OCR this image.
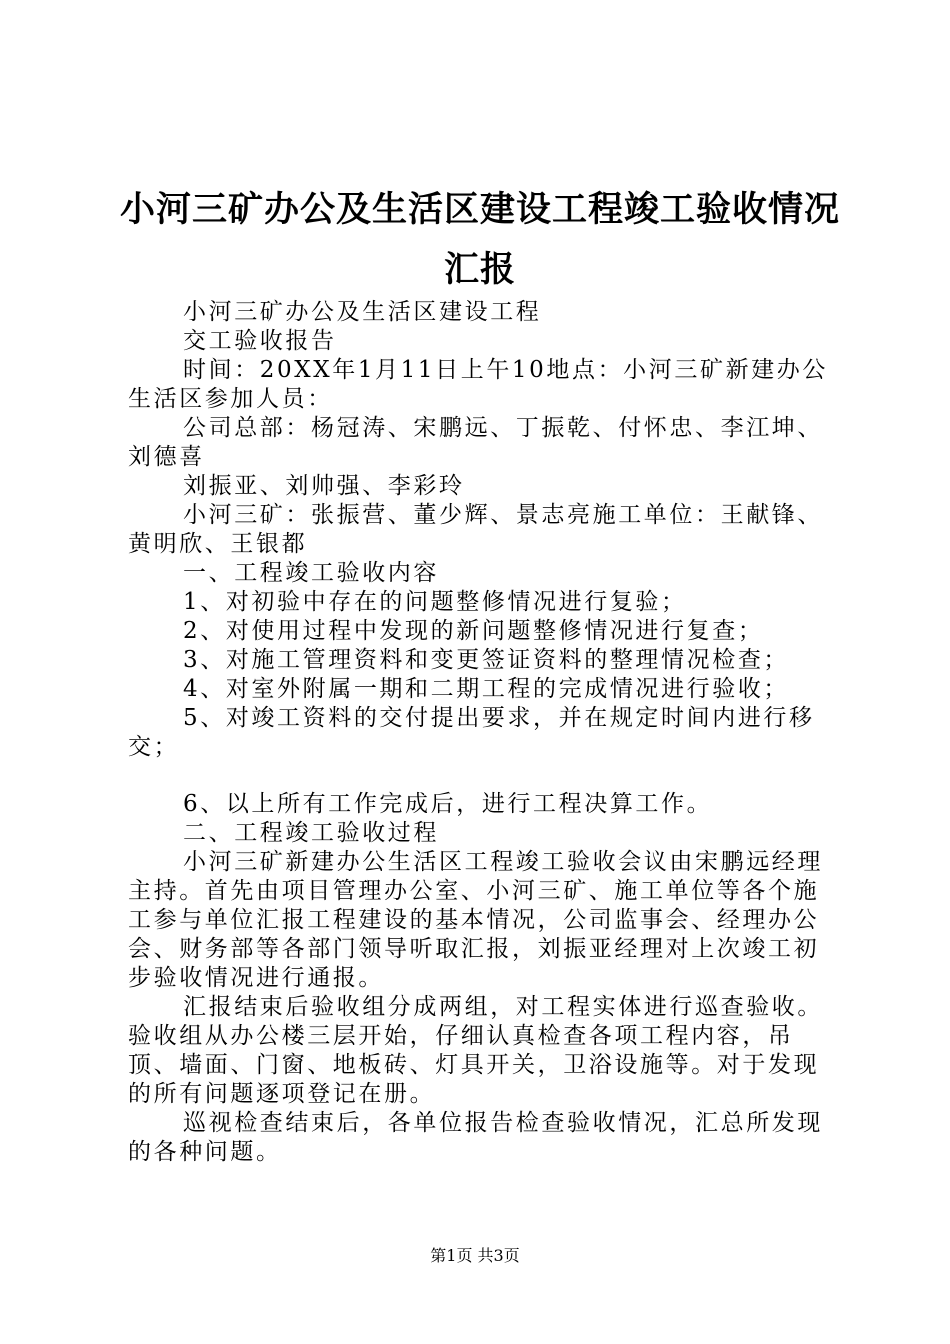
小河三矿办公及生活区建设工程竣工验收情况
汇报

小河三矿办公及生活区建设工程

交工验收报告

时间：20XX年1月11日上午10地点：小河三矿新建办公生活区参加人员：

公司总部：杨冠涛、宋鹏远、丁振乾、付怀忠、李江坤、刘德喜

刘振亚、刘帅强、李彩玲

小河三矿：张振营、董少辉、景志亮施工单位：王献锋、黄明欣、王银都

一、工程竣工验收内容

1、对初验中存在的问题整修情况进行复验；

2、对使用过程中发现的新问题整修情况进行复查；

3、对施工管理资料和变更签证资料的整理情况检查；

4、对室外附属一期和二期工程的完成情况进行验收；

5、对竣工资料的交付提出要求，并在规定时间内进行移交；

6、以上所有工作完成后，进行工程决算工作。

二、工程竣工验收过程

小河三矿新建办公生活区工程竣工验收会议由宋鹏远经理主持。首先由项目管理办公室、小河三矿、施工单位等各个施工参与单位汇报工程建设的基本情况，公司监事会、经理办公会、财务部等各部门领导听取汇报，刘振亚经理对上次竣工初步验收情况进行通报。

汇报结束后验收组分成两组，对工程实体进行巡查验收。验收组从办公楼三层开始，仔细认真检查各项工程内容，吊顶、墙面、门窗、地板砖、灯具开关，卫浴设施等。对于发现的所有问题逐项登记在册。

巡视检查结束后，各单位报告检查验收情况，汇总所发现的各种问题。

第1页 共3页
